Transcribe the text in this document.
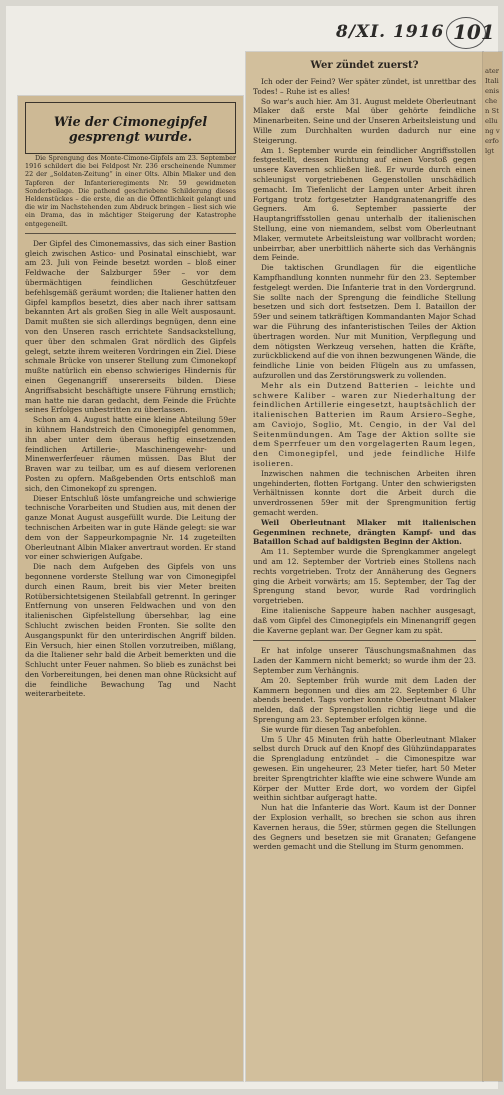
8/XI. 1916 101
Wie der Cimonegipfel gesprengt wurde.

Die Sprengung des Monte-Cimone-Gipfels am 23. September 1916 schildert die bei Feldpost Nr. 236 erscheinende Nummer 22 der „Soldaten-Zeitung“ in einer Olts. Albin Mlaker und den Tapferen der Infanterieregiments Nr. 59 gewidmeten Sonderbeilage. Die pathend geschriebene Schilderung dieses Heldenstückes – die erste, die an die Öffentlichkeit gelangt und die wir im Nachstehenden zum Abdruck bringen – liest sich wie ein Drama, das in mächtiger Steigerung der Katastrophe entgegeneilt.

Der Gipfel des Cimonemassivs, das sich einer Bastion gleich zwischen Astico- und Posinatal einschiebt, war am 23. Juli von Feinde besetzt worden – bloß einer Feldwache der Salzburger 59er – vor dem übermächtigen feindlichen Geschützfeuer befehlsgemäß geräumt worden; die Italiener hatten den Gipfel kampflos besetzt, dies aber nach ihrer sattsam bekannten Art als großen Sieg in alle Welt ausposaunt. Damit mußten sie sich allerdings begnügen, denn eine von den Unseren rasch errichtete Sandsackstellung, quer über den schmalen Grat nördlich des Gipfels gelegt, setzte ihrem weiteren Vordringen ein Ziel. Diese schmale Brücke von unserer Stellung zum Cimonekopf mußte natürlich ein ebenso schwieriges Hindernis für einen Gegenangriff unsererseits bilden. Diese Angriffsabsicht beschäftigte unsere Führung ernstlich; man hatte nie daran gedacht, dem Feinde die Früchte seines Erfolges unbestritten zu überlassen.

Schon am 4. August hatte eine kleine Abteilung 59er in kühnem Handstreich den Cimonegipfel genommen, ihn aber unter dem überaus heftig einsetzenden feindlichen Artillerie-, Maschinengewehr- und Minenwerferfeuer räumen müssen. Das Blut der Braven war zu teilbar, um es auf diesem verlorenen Posten zu opfern. Maßgebenden Orts entschloß man sich, den Cimonekopf zu sprengen.

Dieser Entschluß löste umfangreiche und schwierige technische Vorarbeiten und Studien aus, mit denen der ganze Monat August ausgefüllt wurde. Die Leitung der technischen Arbeiten war in gute Hände gelegt: sie war dem von der Sappeurkompagnie Nr. 14 zugeteilten Oberleutnant Albin Mlaker anvertraut worden. Er stand vor einer schwierigen Aufgabe.

Die nach dem Aufgeben des Gipfels von uns begonnene vorderste Stellung war von Cimonegipfel durch einen Raum, breit bis vier Meter breiten Rotübersichtetsigenen Steilabfall getrennt. In geringer Entfernung von unseren Feldwachen und von den italienischen Gipfelstellung übersehbar, lag eine Schlucht zwischen beiden Fronten. Sie sollte den Ausgangspunkt für den unterirdischen Angriff bilden. Ein Versuch, hier einen Stollen vorzutreiben, mißlang, da die Italiener sehr bald die Arbeit bemerkten und die Schlucht unter Feuer nahmen. So blieb es zunächst bei den Vorbereitungen, bei denen man ohne Rücksicht auf die feindliche Bewachung Tag und Nacht weiterarbeitete.

Wer zündet zuerst?

Ich oder der Feind? Wer später zündet, ist unrettbar des Todes! – Ruhe ist es alles!

So war's auch hier. Am 31. August meldete Oberleutnant Mlaker daß erste Mal über gehörte feindliche Minenarbeiten. Seine und der Unseren Arbeitsleistung und Wille zum Durchhalten wurden dadurch nur eine Steigerung.

Am 1. September wurde ein feindlicher Angriffsstollen festgestellt, dessen Richtung auf einen Vorstoß gegen unsere Kavernen schließen ließ. Er wurde durch einen schleunigst vorgetriebenen Gegenstollen unschädlich gemacht. Im Tiefenlicht der Lampen unter Arbeit ihren Fortgang trotz fortgesetzter Handgranatenangriffe des Gegners. Am 6. September passierte der Hauptangriffsstollen genau unterhalb der italienischen Stellung, eine von niemandem, selbst vom Oberleutnant Mlaker, vermutete Arbeitsleistung war vollbracht worden; unbeirrbar, aber unerbittlich näherte sich das Verhängnis dem Feinde.

Die taktischen Grundlagen für die eigentliche Kampfhandlung konnten nunmehr für den 23. September festgelegt werden. Die Infanterie trat in den Vordergrund. Sie sollte nach der Sprengung die feindliche Stellung besetzen und sich dort festsetzen. Dem I. Bataillon der 59er und seinem tatkräftigen Kommandanten Major Schad war die Führung des infanteristischen Teiles der Aktion übertragen worden. Nur mit Munition, Verpflegung und dem nötigsten Werkzeug versehen, hatten die Kräfte, zurückblickend auf die von ihnen bezwungenen Wände, die feindliche Linie von beiden Flügeln aus zu umfassen, aufzurollen und das Zerstörungswerk zu vollenden.

Mehr als ein Dutzend Batterien – leichte und schwere Kaliber – waren zur Niederhaltung der feindlichen Artillerie eingesetzt, hauptsächlich der italienischen Batterien im Raum Arsiero–Seghe, am Caviojo, Soglio, Mt. Cengio, in der Val del Seitenmündungen. Am Tage der Aktion sollte sie dem Sperrfeuer um den vorgelagerten Raum legen, den Cimonegipfel, und jede feindliche Hilfe isolieren.

Inzwischen nahmen die technischen Arbeiten ihren ungehinderten, flotten Fortgang. Unter den schwierigsten Verhältnissen konnte dort die Arbeit durch die unverdrossenen 59er mit der Sprengmunition fertig gemacht werden.

Weil Oberleutnant Mlaker mit italienischen Gegenminen rechnete, drängten Kampf- und das Bataillon Schad auf baldigsten Beginn der Aktion.

Am 11. September wurde die Sprengkammer angelegt und am 12. September der Vortrieb eines Stollens nach rechts vorgetrieben. Trotz der Annäherung des Gegners ging die Arbeit vorwärts; am 15. September, der Tag der Sprengung stand bevor, wurde Rad vordringlich vorgetrieben.

Eine italienische Sappeure haben nachher ausgesagt, daß vom Gipfel des Cimonegipfels ein Minenangriff gegen die Kaverne geplant war. Der Gegner kam zu spät.

Er hat infolge unserer Täuschungsmaßnahmen das Laden der Kammern nicht bemerkt; so wurde ihm der 23. September zum Verhängnis.

Am 20. September früh wurde mit dem Laden der Kammern begonnen und dies am 22. September 6 Uhr abends beendet. Tags vorher konnte Oberleutnant Mlaker melden, daß der Sprengstollen richtig liege und die Sprengung am 23. September erfolgen könne.

Sie wurde für diesen Tag anbefohlen.

Um 5 Uhr 45 Minuten früh hatte Oberleutnant Mlaker selbst durch Druck auf den Knopf des Glühzündapparates die Sprengladung entzündet – die Cimonespitze war gewesen. Ein ungeheurer, 23 Meter tiefer, hart 50 Meter breiter Sprengtrichter klaffte wie eine schwere Wunde am Körper der Mutter Erde dort, wo vordem der Gipfel weithin sichtbar aufgeragt hatte.

Nun hat die Infanterie das Wort. Kaum ist der Donner der Explosion verhallt, so brechen sie schon aus ihren Kavernen heraus, die 59er, stürmen gegen die Stellungen des Gegners und besetzen sie mit Granaten; Gefangene werden gemacht und die Stellung im Sturm genommen.

ater Italienischen Stellung verfolgt
